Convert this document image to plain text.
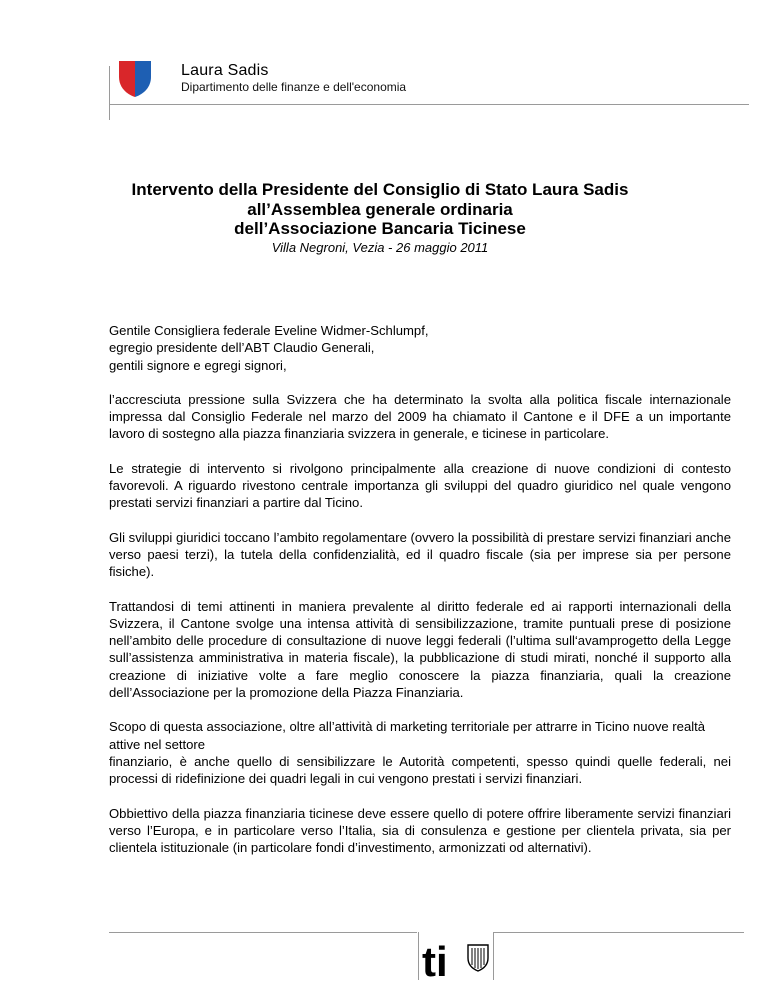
Laura Sadis
Dipartimento delle finanze e dell'economia
Intervento della Presidente del Consiglio di Stato Laura Sadis
all’Assemblea generale ordinaria
dell’Associazione Bancaria Ticinese
Villa Negroni, Vezia - 26 maggio 2011

Gentile Consigliera federale Eveline Widmer-Schlumpf,

egregio presidente dell’ABT Claudio Generali,

gentili signore e egregi signori,

l’accresciuta pressione sulla Svizzera che ha determinato la svolta alla politica fiscale internazionale impressa dal Consiglio Federale nel marzo del 2009 ha chiamato il Cantone e il DFE a un importante lavoro di sostegno alla piazza finanziaria svizzera in generale, e ticinese in particolare.

Le strategie di intervento si rivolgono principalmente alla creazione di nuove condizioni di contesto favorevoli. A riguardo rivestono centrale importanza gli sviluppi del quadro giuridico nel quale vengono prestati servizi finanziari a partire dal Ticino.

Gli sviluppi giuridici toccano l’ambito regolamentare (ovvero la possibilità di prestare servizi finanziari anche verso paesi terzi), la tutela della confidenzialità, ed il quadro fiscale (sia per imprese sia per persone fisiche).

Trattandosi di temi attinenti in maniera prevalente al diritto federale ed ai rapporti internazionali della Svizzera, il Cantone svolge una intensa attività di sensibilizzazione, tramite puntuali prese di posizione nell’ambito delle procedure di consultazione di nuove leggi federali (l’ultima sull‘avamprogetto della Legge sull’assistenza amministrativa in materia fiscale), la pubblicazione di studi mirati, nonché il supporto alla creazione di iniziative volte a fare meglio conoscere la piazza finanziaria, quali la creazione dell’Associazione per la promozione della Piazza Finanziaria.

Scopo di questa associazione, oltre all’attività di marketing territoriale per attrarre in Ticino nuove realtà attive nel settore

finanziario, è anche quello di sensibilizzare le Autorità competenti, spesso quindi quelle federali, nei processi di ridefinizione dei quadri legali in cui vengono prestati i servizi finanziari.

Obbiettivo della piazza finanziaria ticinese deve essere quello di potere offrire liberamente servizi finanziari verso l’Europa, e in particolare verso l’Italia, sia di consulenza e gestione per clientela privata, sia per clientela istituzionale (in particolare fondi d’investimento, armonizzati od alternativi).

ti
